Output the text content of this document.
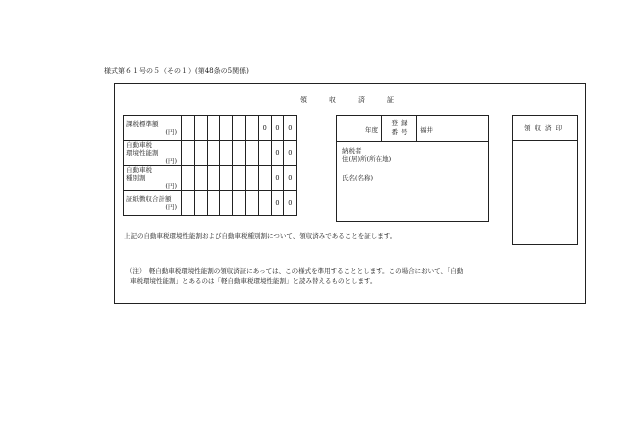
様式第６１号の５（その１）(第48条の5関係)
領収済証
課税標準額
(円)							0	0	0

自動車税
環境性能割
(円)								0	0

自動車税
種別割
(円)								0	0

証紙徴収合計額
(円)								0	0
年度
登録
番号	福井
納税者
住(居)所(所在地)
氏名(名称)
領収済印
上記の自動車税環境性能割および自動車税種別割について、領収済みであることを証します。
（注）　軽自動車税環境性能割の領収済証にあっては、この様式を準用することとします。この場合において、「自動
車税環境性能割」とあるのは「軽自動車税環境性能割」と読み替えるものとします。
